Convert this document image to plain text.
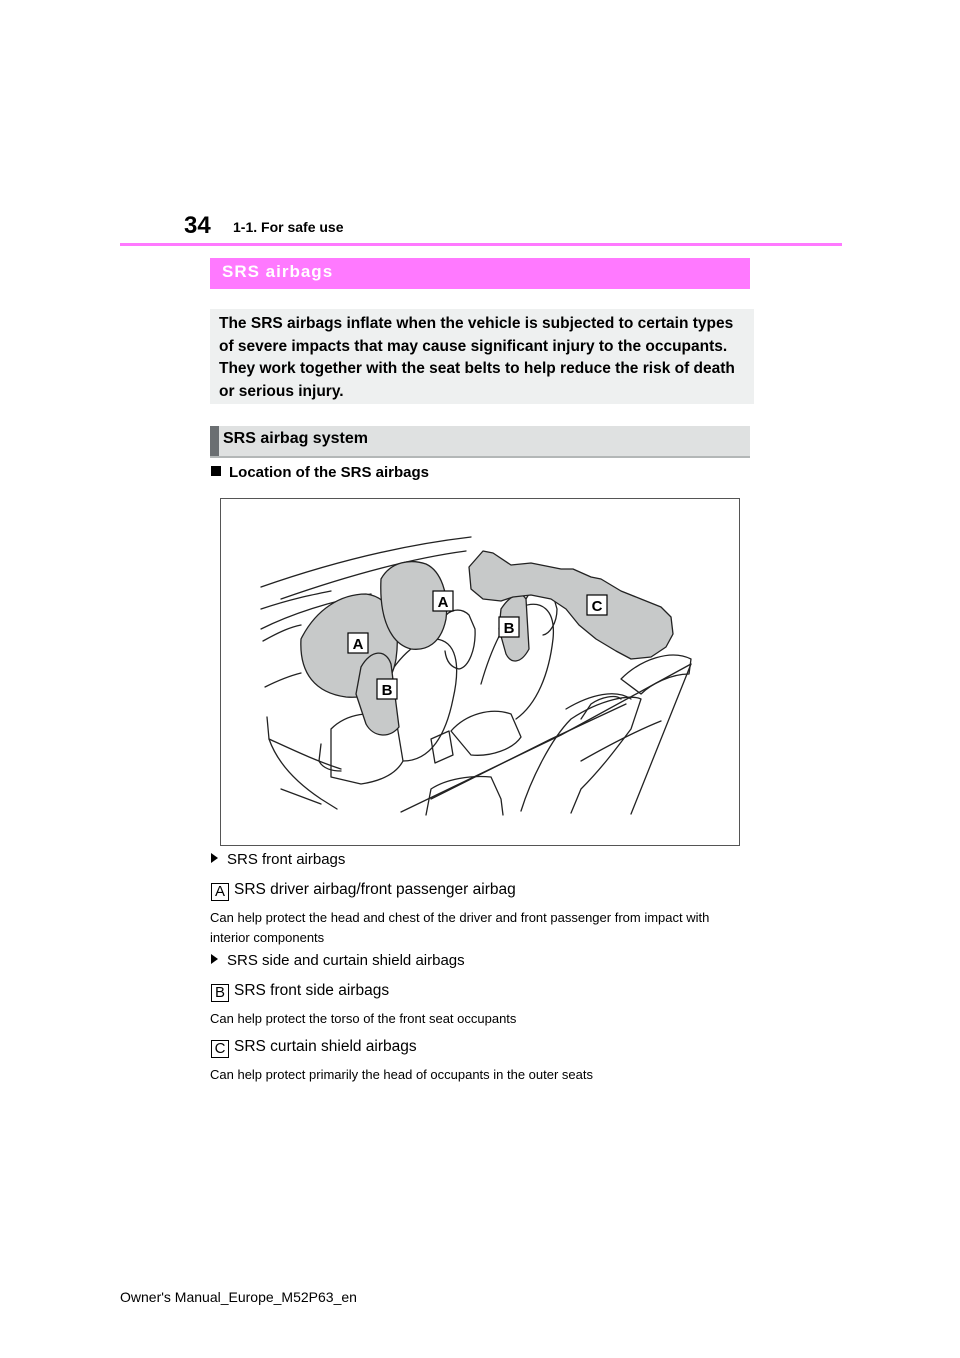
34 1-1. For safe use
SRS airbags

The SRS airbags inflate when the vehicle is subjected to certain types of severe impacts that may cause significant injury to the occupants. They work together with the seat belts to help reduce the risk of death or serious injury.

SRS airbag system
Location of the SRS airbags
A
A
B
B
C
SRS front airbags
A SRS driver airbag/front passenger airbag
Can help protect the head and chest of the driver and front passenger from impact with interior components
SRS side and curtain shield airbags
B SRS front side airbags
Can help protect the torso of the front seat occupants
C SRS curtain shield airbags
Can help protect primarily the head of occupants in the outer seats
Owner's Manual_Europe_M52P63_en
